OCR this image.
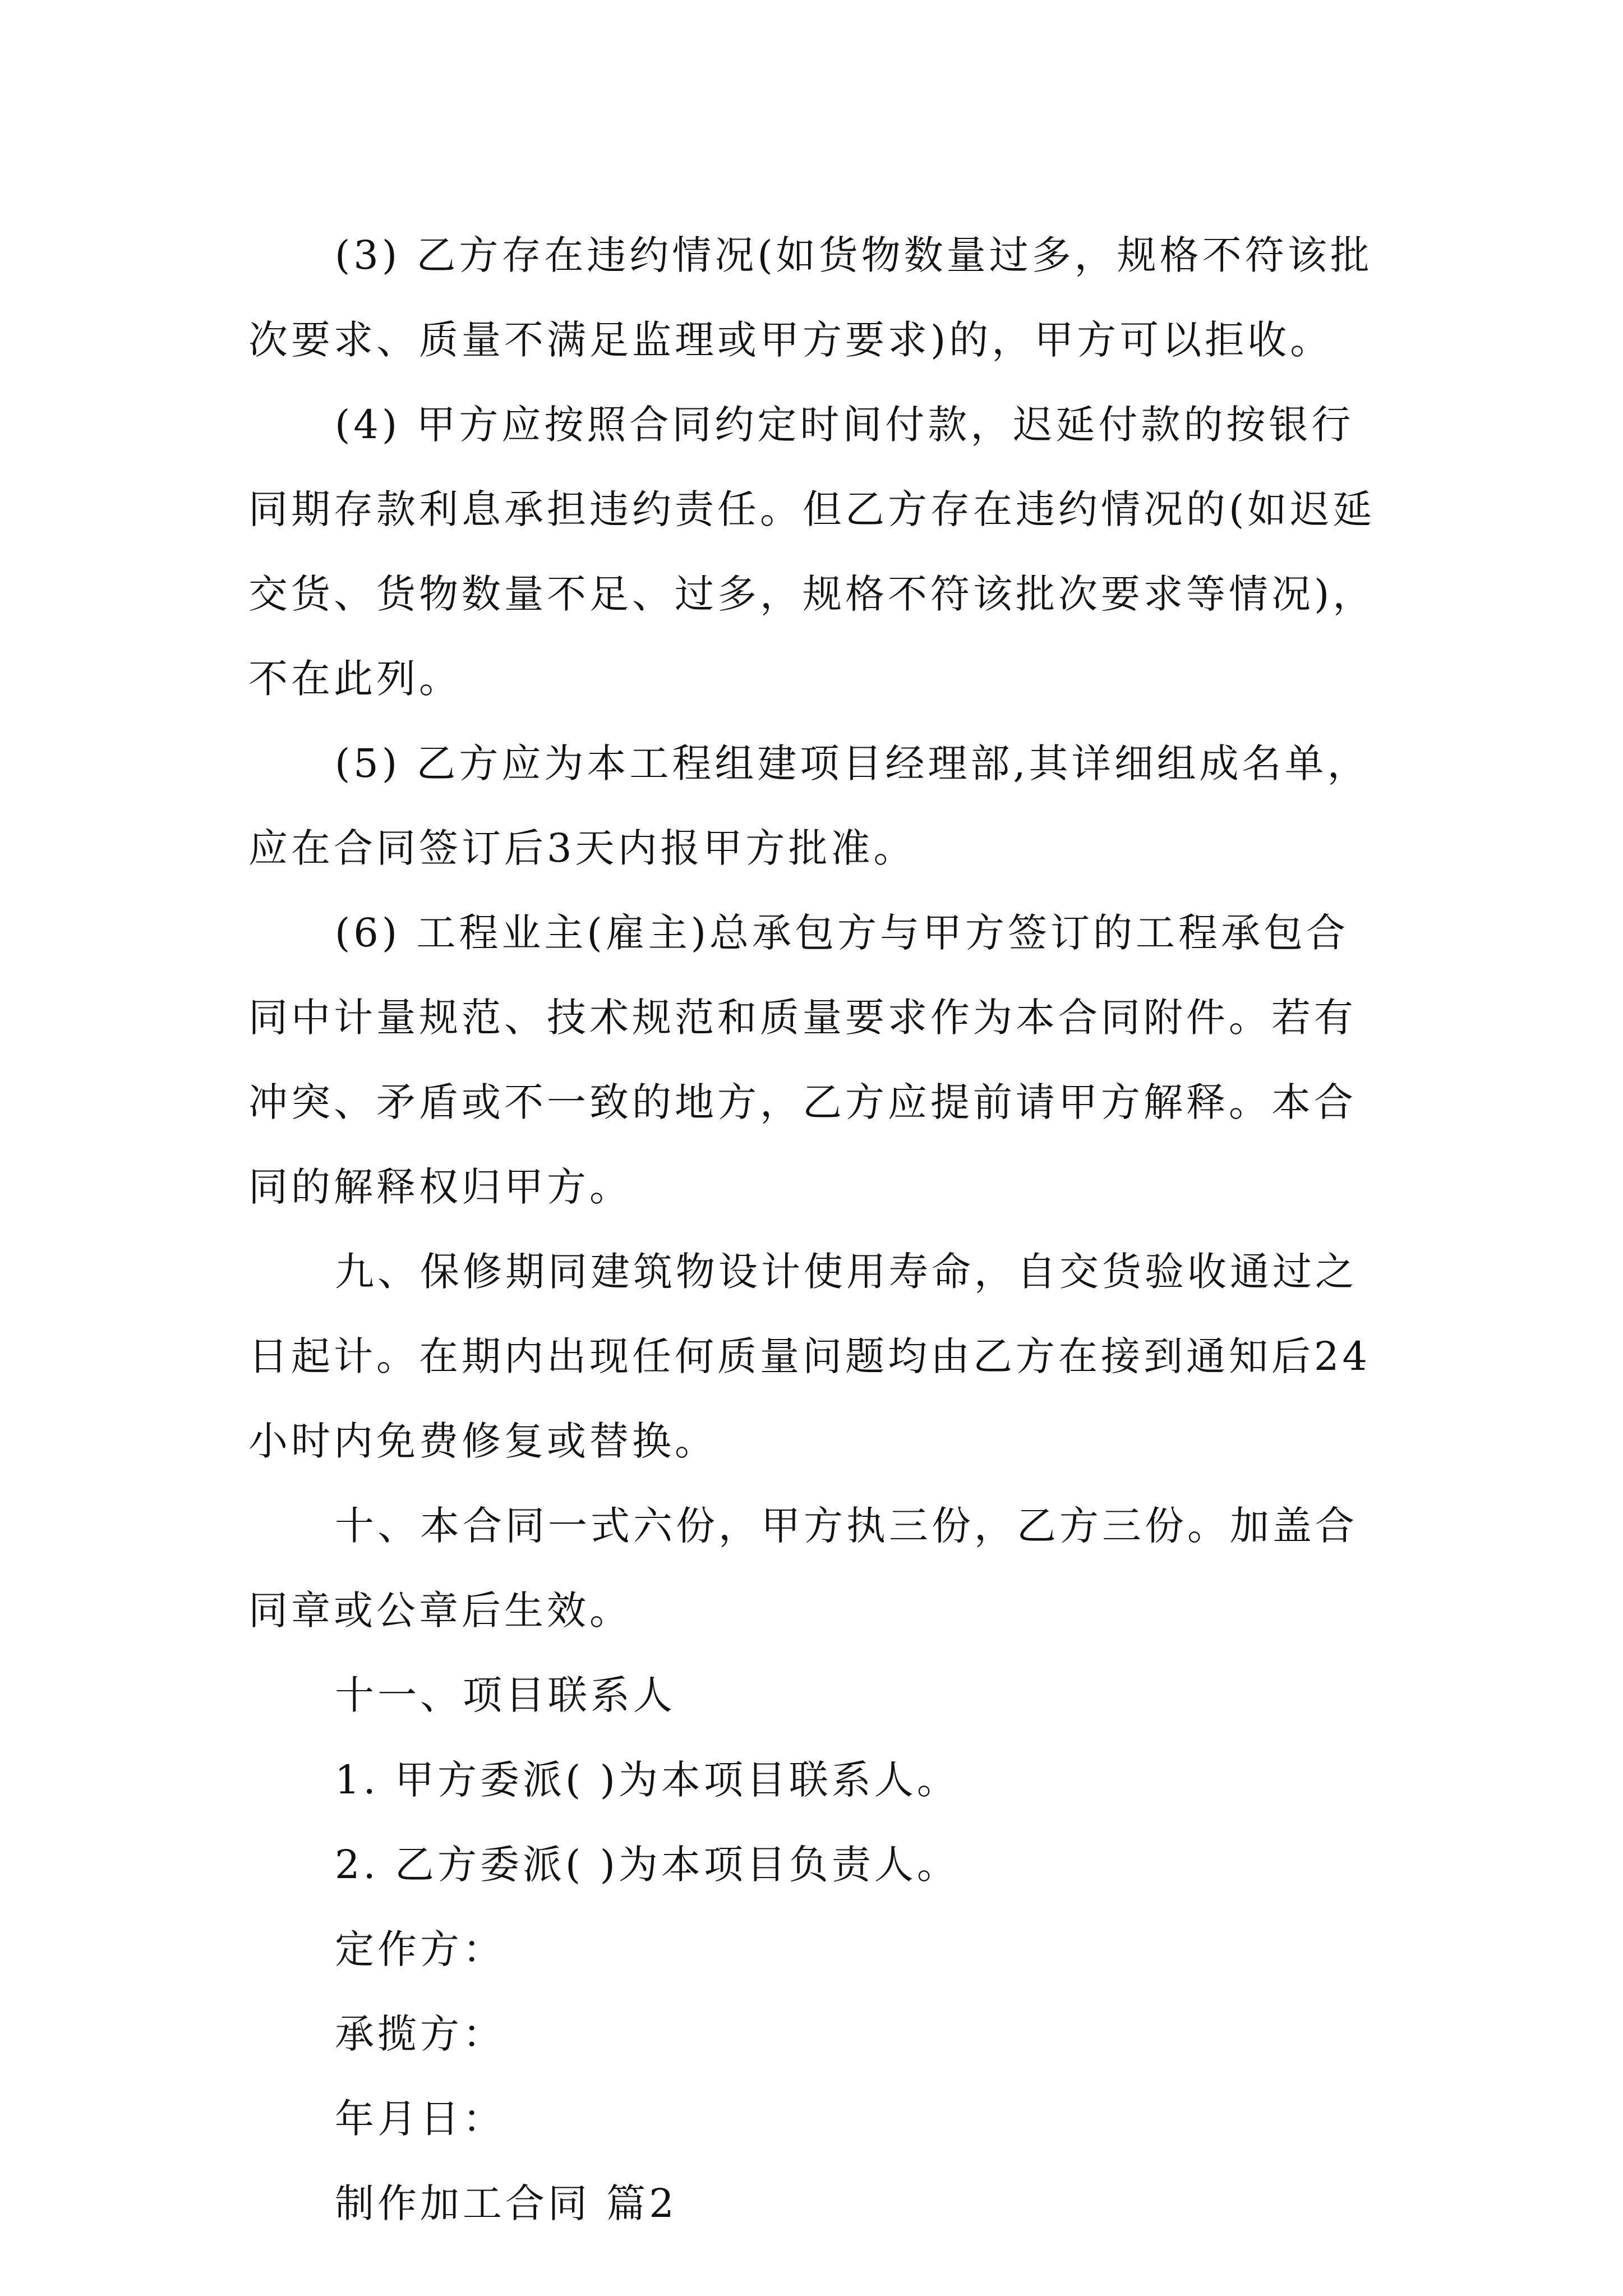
(3) 乙方存在违约情况(如货物数量过多，规格不符该批次要求、质量不满足监理或甲方要求)的，甲方可以拒收。

(4) 甲方应按照合同约定时间付款，迟延付款的按银行同期存款利息承担违约责任。但乙方存在违约情况的(如迟延交货、货物数量不足、过多，规格不符该批次要求等情况)，不在此列。

(5) 乙方应为本工程组建项目经理部,其详细组成名单，应在合同签订后3天内报甲方批准。

(6) 工程业主(雇主)总承包方与甲方签订的工程承包合同中计量规范、技术规范和质量要求作为本合同附件。若有冲突、矛盾或不一致的地方，乙方应提前请甲方解释。本合同的解释权归甲方。

九、保修期同建筑物设计使用寿命，自交货验收通过之日起计。在期内出现任何质量问题均由乙方在接到通知后24小时内免费修复或替换。

十、本合同一式六份，甲方执三份，乙方三份。加盖合同章或公章后生效。

十一、项目联系人

1. 甲方委派( )为本项目联系人。

2. 乙方委派( )为本项目负责人。

定作方：

承揽方：

年月日：

制作加工合同 篇2
